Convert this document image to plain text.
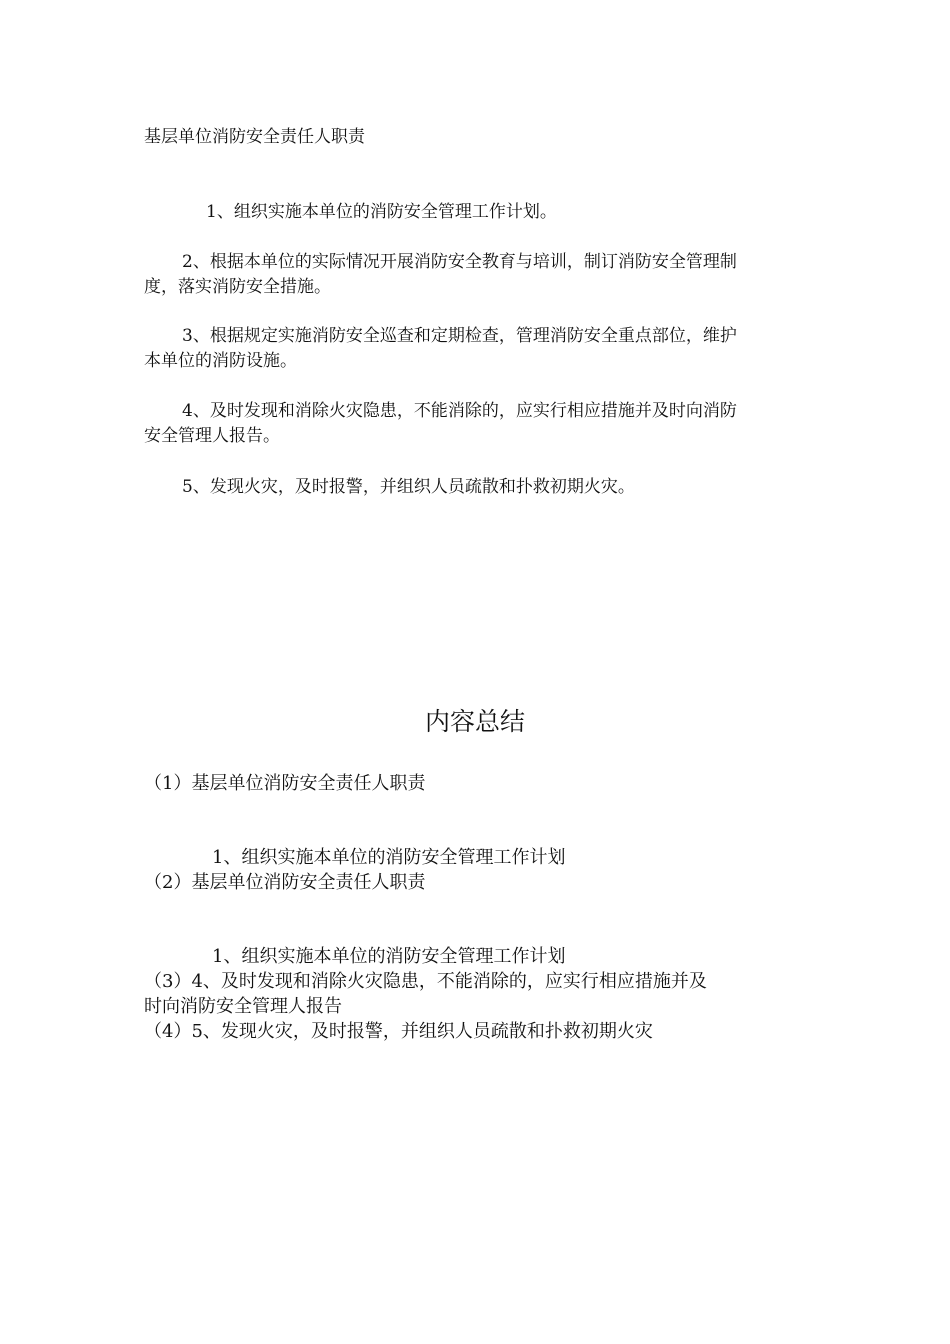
基层单位消防安全责任人职责
1、组织实施本单位的消防安全管理工作计划。
2、根据本单位的实际情况开展消防安全教育与培训，制订消防安全管理制
度，落实消防安全措施。
3、根据规定实施消防安全巡查和定期检查，管理消防安全重点部位，维护
本单位的消防设施。
4、及时发现和消除火灾隐患，不能消除的，应实行相应措施并及时向消防
安全管理人报告。
5、发现火灾，及时报警，并组织人员疏散和扑救初期火灾。
内容总结
（1）基层单位消防安全责任人职责
1、组织实施本单位的消防安全管理工作计划
（2）基层单位消防安全责任人职责
1、组织实施本单位的消防安全管理工作计划
（3）4、及时发现和消除火灾隐患，不能消除的，应实行相应措施并及
时向消防安全管理人报告
（4）5、发现火灾，及时报警，并组织人员疏散和扑救初期火灾
